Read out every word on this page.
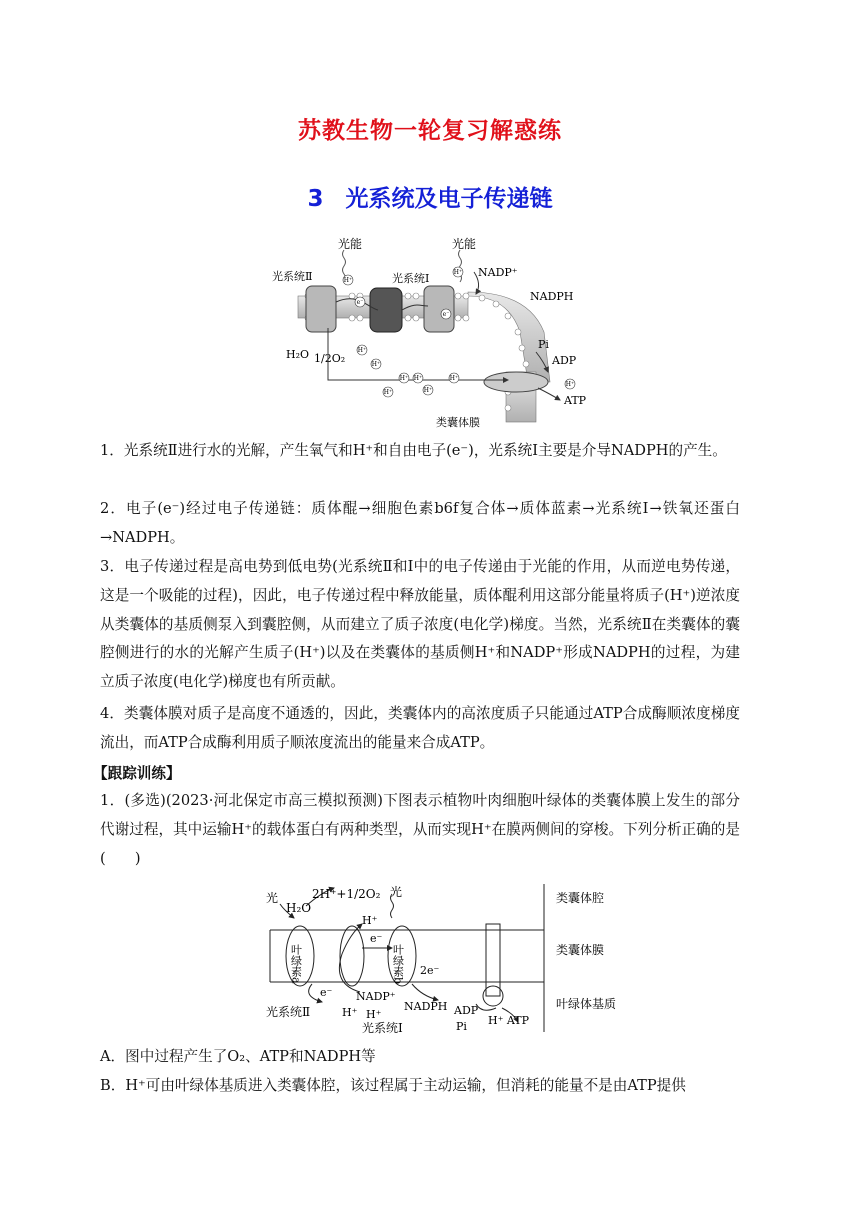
苏教生物一轮复习解惑练
3 光系统及电子传递链
光能	光能
光系统Ⅱ	光系统Ⅰ	NADP⁺
NADPH
H₂O 1/2O₂
Pi
ADP
ATP
类囊体膜
H⁺
H⁺
H⁺
H⁺
H⁺ H⁺
H⁺
H⁺
H⁺
H⁺
e⁻
e⁻
1．光系统Ⅱ进行水的光解，产生氧气和H⁺和自由电子(e⁻)，光系统Ⅰ主要是介导NADPH的产生。
2．电子(e⁻)经过电子传递链：质体醌→细胞色素b6f复合体→质体蓝素→光系统Ⅰ→铁氧还蛋白→NADPH。
3．电子传递过程是高电势到低电势(光系统Ⅱ和Ⅰ中的电子传递由于光能的作用，从而逆电势传递，这是一个吸能的过程)，因此，电子传递过程中释放能量，质体醌利用这部分能量将质子(H⁺)逆浓度从类囊体的基质侧泵入到囊腔侧，从而建立了质子浓度(电化学)梯度。当然，光系统Ⅱ在类囊体的囊腔侧进行的水的光解产生质子(H⁺)以及在类囊体的基质侧H⁺和NADP⁺形成NADPH的过程，为建立质子浓度(电化学)梯度也有所贡献。
4．类囊体膜对质子是高度不通透的，因此，类囊体内的高浓度质子只能通过ATP合成酶顺浓度梯度流出，而ATP合成酶利用质子顺浓度流出的能量来合成ATP。
【跟踪训练】
1．(多选)(2023·河北保定市高三模拟预测)下图表示植物叶肉细胞叶绿体的类囊体膜上发生的部分代谢过程，其中运输H⁺的载体蛋白有两种类型，从而实现H⁺在膜两侧间的穿梭。下列分析正确的是(　　)
光
H₂O
2H⁺+1/2O₂ 光
H⁺
叶绿素a	叶绿素b
e⁻
2e⁻
e⁻ NADP⁺
NADPH
H⁺ H⁺
光系统Ⅱ
光系统Ⅰ
ADP
Pi H⁺ ATP
类囊体腔
类囊体膜
叶绿体基质
A．图中过程产生了O₂、ATP和NADPH等
B．H⁺可由叶绿体基质进入类囊体腔，该过程属于主动运输，但消耗的能量不是由ATP提供
